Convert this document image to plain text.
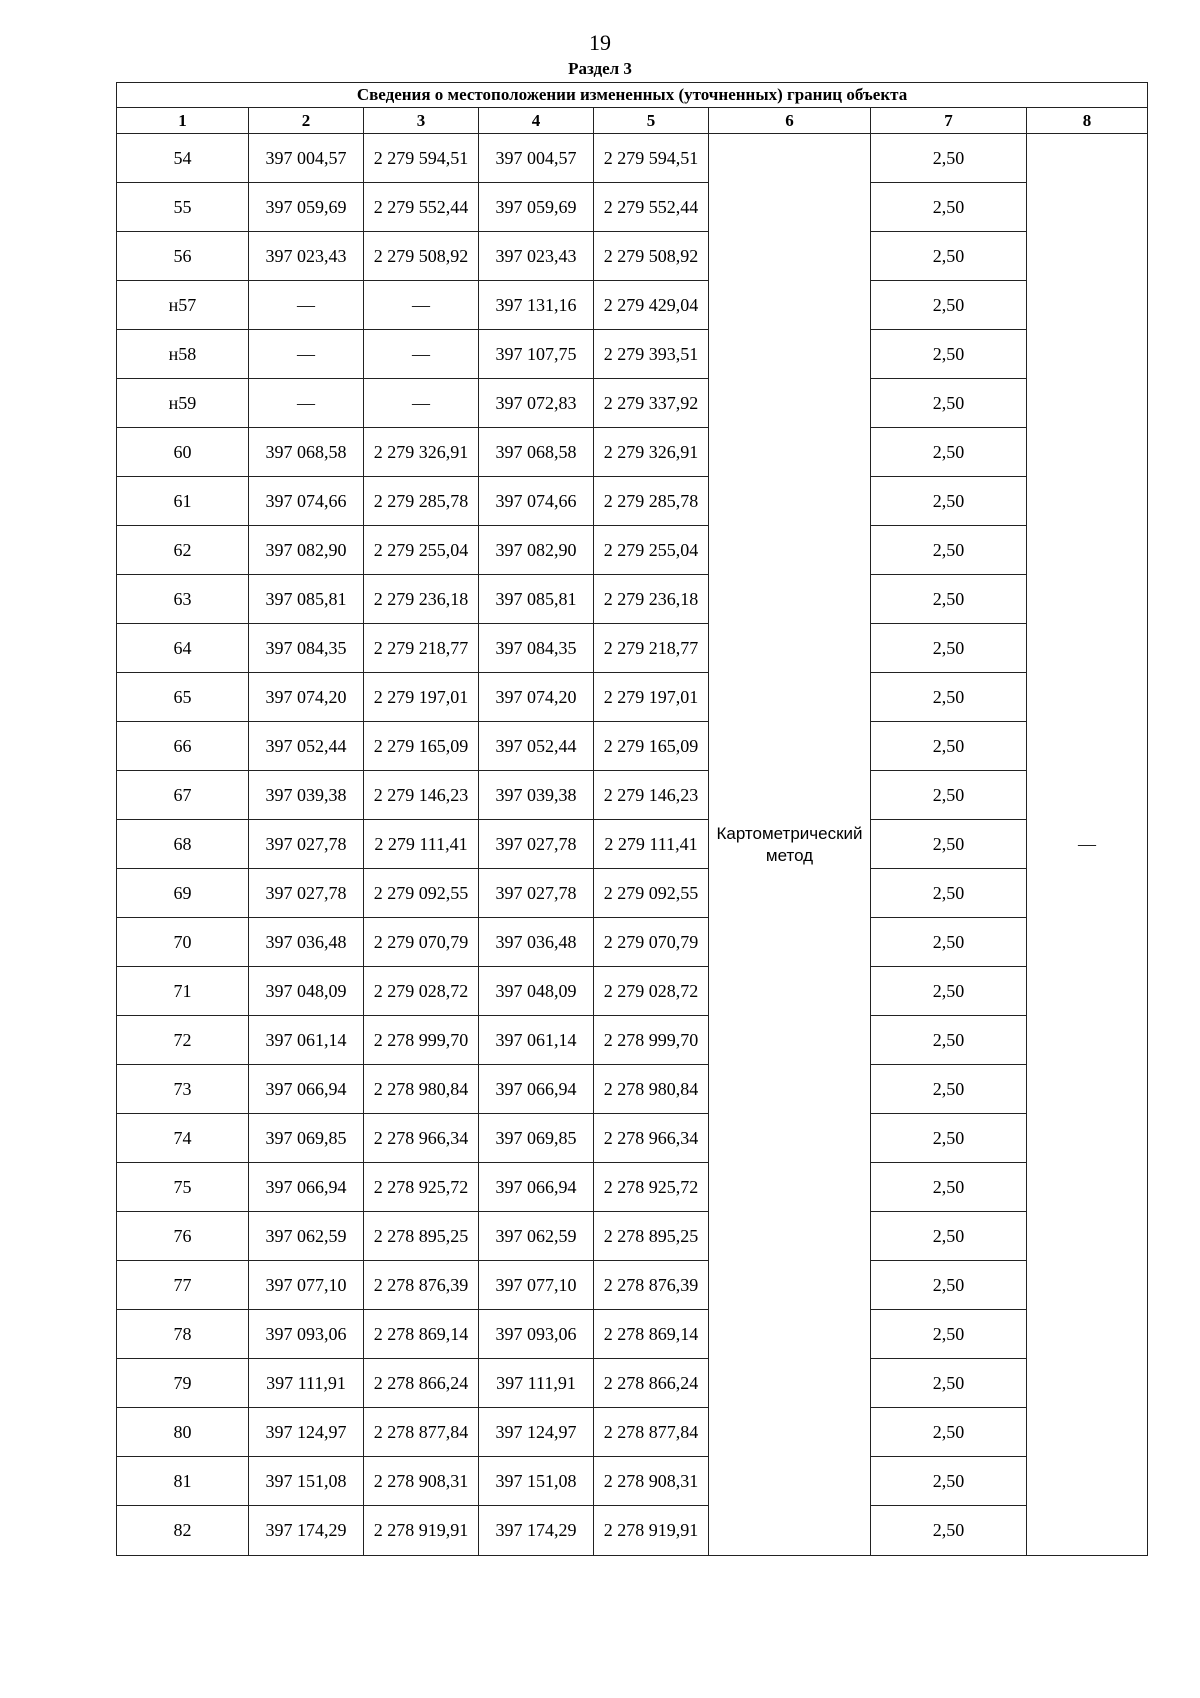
19
Раздел 3
Сведения о местоположении измененных (уточненных) границ объекта							
1	2	3	4	5	6	7	8
54	397 004,57	2 279 594,51	397 004,57	2 279 594,51	Картометрический метод	2,50	—
55	397 059,69	2 279 552,44	397 059,69	2 279 552,44		2,50	
56	397 023,43	2 279 508,92	397 023,43	2 279 508,92		2,50	
н57	—	—	397 131,16	2 279 429,04		2,50	
н58	—	—	397 107,75	2 279 393,51		2,50	
н59	—	—	397 072,83	2 279 337,92		2,50	
60	397 068,58	2 279 326,91	397 068,58	2 279 326,91		2,50	
61	397 074,66	2 279 285,78	397 074,66	2 279 285,78		2,50	
62	397 082,90	2 279 255,04	397 082,90	2 279 255,04		2,50	
63	397 085,81	2 279 236,18	397 085,81	2 279 236,18		2,50	
64	397 084,35	2 279 218,77	397 084,35	2 279 218,77		2,50	
65	397 074,20	2 279 197,01	397 074,20	2 279 197,01		2,50	
66	397 052,44	2 279 165,09	397 052,44	2 279 165,09		2,50	
67	397 039,38	2 279 146,23	397 039,38	2 279 146,23		2,50	
68	397 027,78	2 279 111,41	397 027,78	2 279 111,41		2,50	
69	397 027,78	2 279 092,55	397 027,78	2 279 092,55		2,50	
70	397 036,48	2 279 070,79	397 036,48	2 279 070,79		2,50	
71	397 048,09	2 279 028,72	397 048,09	2 279 028,72		2,50	
72	397 061,14	2 278 999,70	397 061,14	2 278 999,70		2,50	
73	397 066,94	2 278 980,84	397 066,94	2 278 980,84		2,50	
74	397 069,85	2 278 966,34	397 069,85	2 278 966,34		2,50	
75	397 066,94	2 278 925,72	397 066,94	2 278 925,72		2,50	
76	397 062,59	2 278 895,25	397 062,59	2 278 895,25		2,50	
77	397 077,10	2 278 876,39	397 077,10	2 278 876,39		2,50	
78	397 093,06	2 278 869,14	397 093,06	2 278 869,14		2,50	
79	397 111,91	2 278 866,24	397 111,91	2 278 866,24		2,50	
80	397 124,97	2 278 877,84	397 124,97	2 278 877,84		2,50	
81	397 151,08	2 278 908,31	397 151,08	2 278 908,31		2,50	
82	397 174,29	2 278 919,91	397 174,29	2 278 919,91		2,50	
